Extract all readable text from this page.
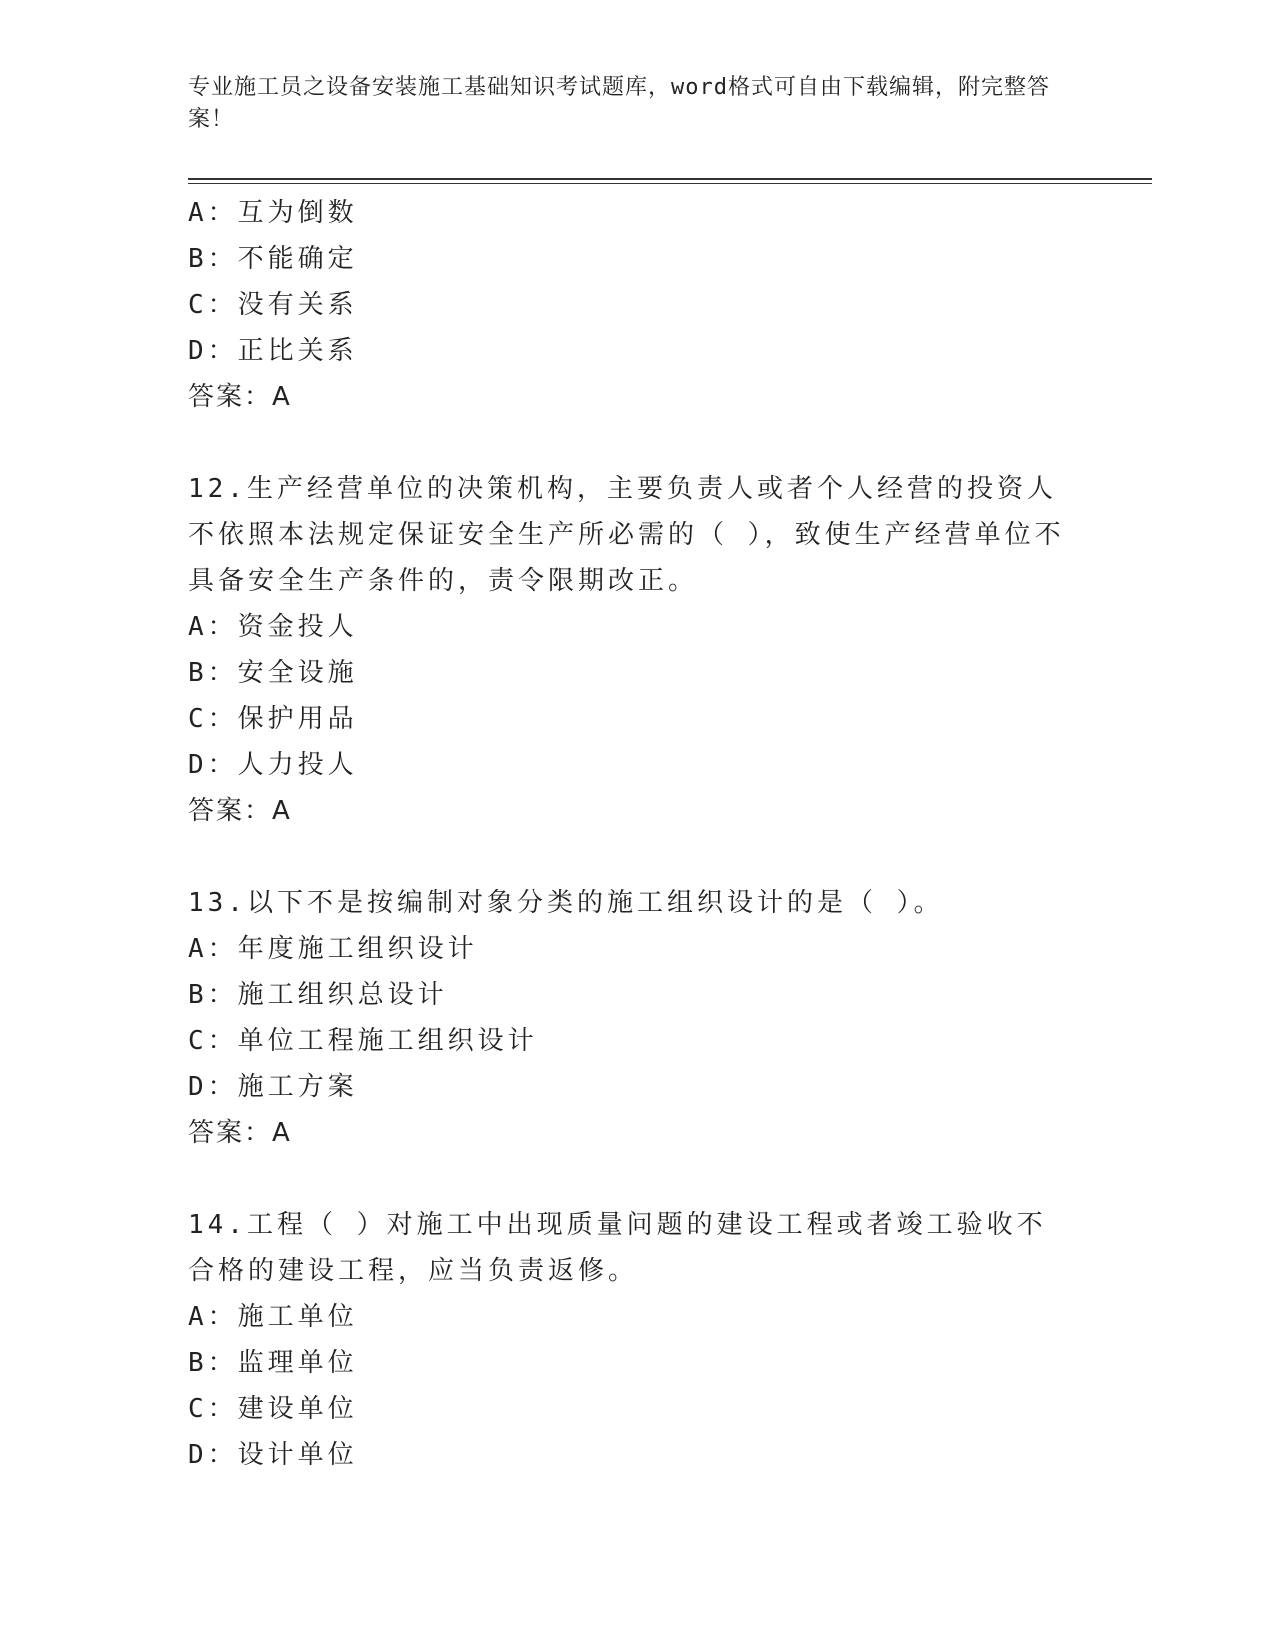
专业施工员之设备安装施工基础知识考试题库，word格式可自由下载编辑，附完整答案！
A：互为倒数
B：不能确定
C：没有关系
D：正比关系
答案：A
12.生产经营单位的决策机构，主要负责人或者个人经营的投资人不依照本法规定保证安全生产所必需的（ ），致使生产经营单位不具备安全生产条件的，责令限期改正。
A：资金投人
B：安全设施
C：保护用品
D：人力投人
答案：A
13.以下不是按编制对象分类的施工组织设计的是（ ）。
A：年度施工组织设计
B：施工组织总设计
C：单位工程施工组织设计
D：施工方案
答案：A
14.工程（ ）对施工中出现质量问题的建设工程或者竣工验收不合格的建设工程，应当负责返修。
A：施工单位
B：监理单位
C：建设单位
D：设计单位
